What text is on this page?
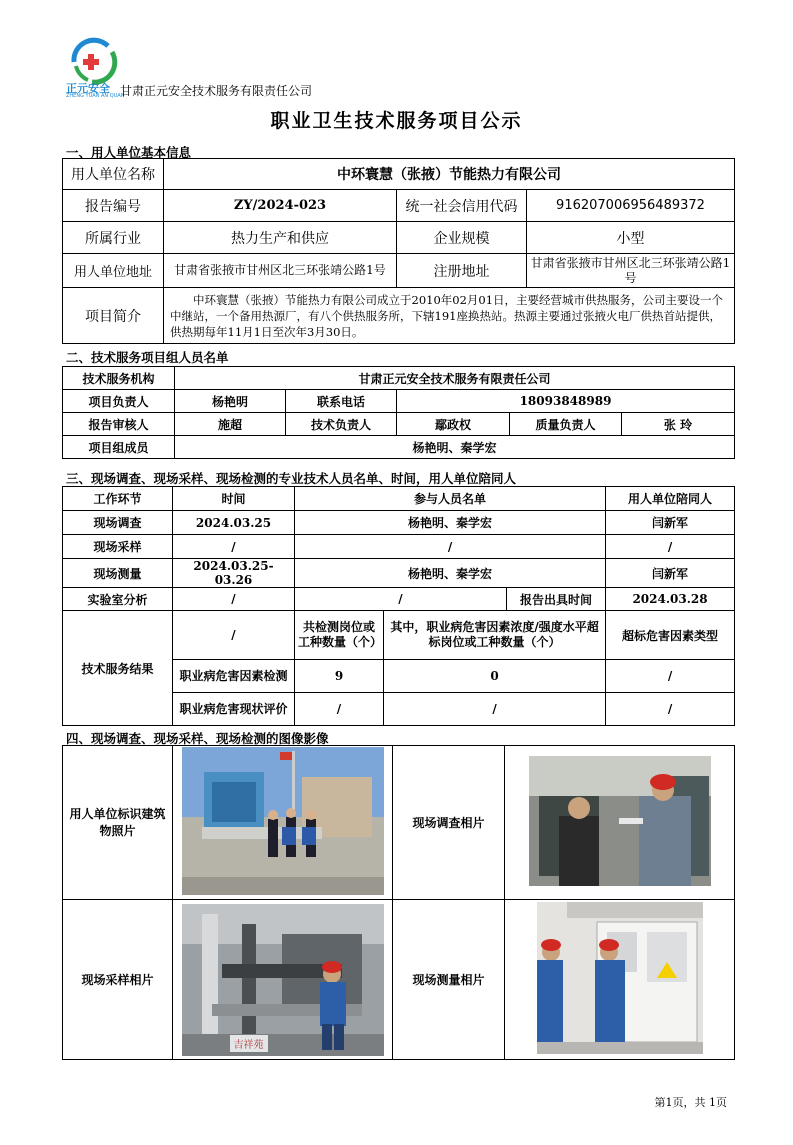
正元安全
ZHENG YUAN AN QUAN
甘肃正元安全技术服务有限责任公司
职业卫生技术服务项目公示
一、用人单位基本信息
用人单位名称	中环寰慧（张掖）节能热力有限公司		
报告编号	ZY/2024-023	统一社会信用代码	916207006956489372
所属行业	热力生产和供应	企业规模	小型
用人单位地址	甘肃省张掖市甘州区北三环张靖公路1号	注册地址	甘肃省张掖市甘州区北三环张靖公路1号
项目简介	中环寰慧（张掖）节能热力有限公司成立于2010年02月01日，主要经营城市供热服务，公司主要设一个中继站，一个备用热源厂，有八个供热服务所，下辖191座换热站。热源主要通过张掖火电厂供热首站提供，供热期每年11月1日至次年3月30日。		
二、技术服务项目组人员名单
技术服务机构	甘肃正元安全技术服务有限责任公司				
项目负责人	杨艳明	联系电话	18093848989		
报告审核人	施超	技术负责人	鄢政权	质量负责人	张 玲
项目组成员	杨艳明、秦学宏				
三、现场调查、现场采样、现场检测的专业技术人员名单、时间，用人单位陪同人
工作环节	时间	参与人员名单			用人单位陪同人
现场调查	2024.03.25	杨艳明、秦学宏			闫新军
现场采样	/	/			/
现场测量	2024.03.25-03.26	杨艳明、秦学宏			闫新军
实验室分析	/	/		报告出具时间	2024.03.28
技术服务结果	/	共检测岗位或工种数量（个）	其中，职业病危害因素浓度/强度水平超标岗位或工种数量（个）		超标危害因素类型
	职业病危害因素检测	9	0		/
	职业病危害现状评价	/	/		/
四、现场调查、现场采样、现场检测的图像影像
用人单位标识建筑物照片		现场调查相片	
现场采样相片	吉祥苑	现场测量相片	
第1页，共 1页
